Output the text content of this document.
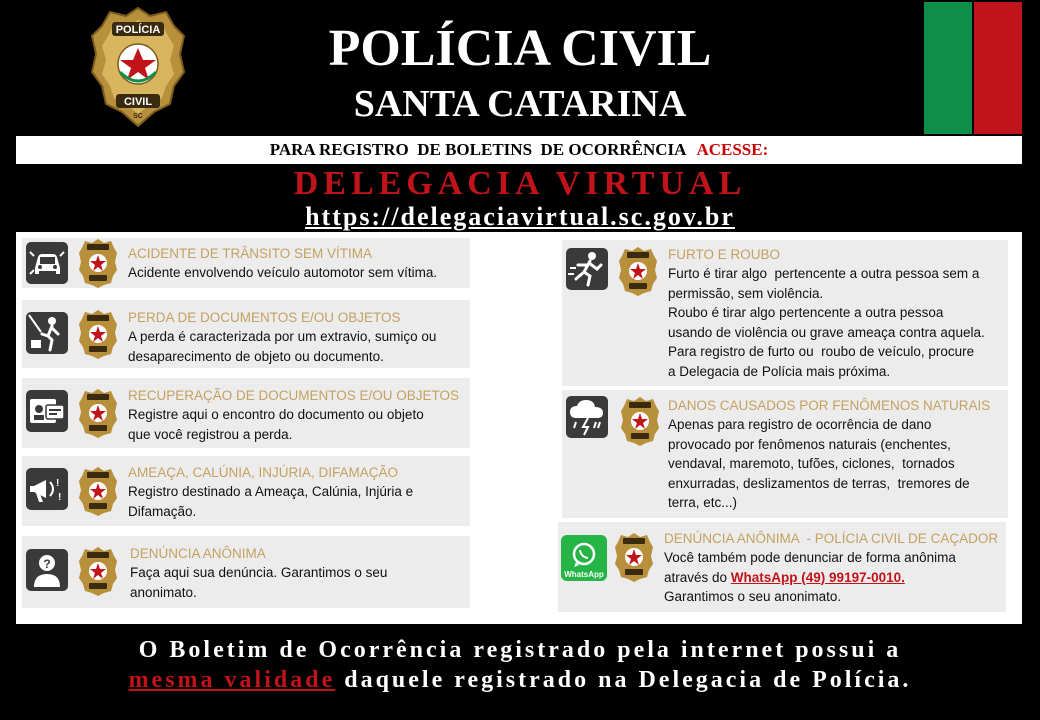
POLÍCIA
CIVIL
SC
POLÍCIA CIVIL
SANTA CATARINA
PARA REGISTRO  DE BOLETINS  DE OCORRÊNCIA ACESSE:
DELEGACIA VIRTUAL
https://delegaciavirtual.sc.gov.br
ACIDENTE DE TRÂNSITO SEM VÍTIMA
Acidente envolvendo veículo automotor sem vítima.
PERDA DE DOCUMENTOS E/OU OBJETOS
A perda é caracterizada por um extravio, sumiço ou
desaparecimento de objeto ou documento.
RECUPERAÇÃO DE DOCUMENTOS E/OU OBJETOS
Registre aqui o encontro do documento ou objeto
que você registrou a perda.
!
!
AMEAÇA, CALÚNIA, INJÚRIA, DIFAMAÇÃO
Registro destinado a Ameaça, Calúnia, Injúria e
Difamação.
?
DENÚNCIA ANÔNIMA
Faça aqui sua denúncia. Garantimos o seu
anonimato.
FURTO E ROUBO
Furto é tirar algo  pertencente a outra pessoa sem a
permissão, sem violência.
Roubo é tirar algo pertencente a outra pessoa
usando de violência ou grave ameaça contra aquela.
Para registro de furto ou  roubo de veículo, procure
a Delegacia de Polícia mais próxima.
DANOS CAUSADOS POR FENÔMENOS NATURAIS
Apenas para registro de ocorrência de dano
provocado por fenômenos naturais (enchentes,
vendaval, maremoto, tufões, ciclones,  tornados
enxurradas, deslizamentos de terras,  tremores de
terra, etc...)
WhatsApp
DENÚNCIA ANÔNIMA  - POLÍCIA CIVIL DE CAÇADOR
Você também pode denunciar de forma anônima
através do WhatsApp (49) 99197-0010.
Garantimos o seu anonimato.
O Boletim de Ocorrência registrado pela internet possui a
mesma validade daquele registrado na Delegacia de Polícia.
